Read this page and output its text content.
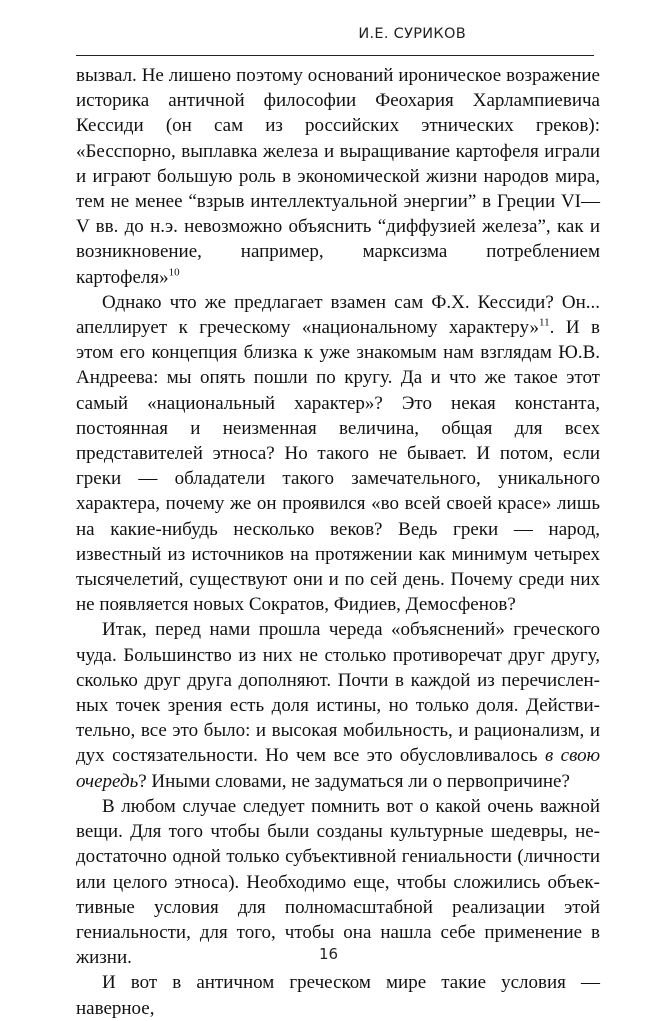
И.Е. СУРИКОВ

вызвал. Не лишено поэтому оснований ироническое возражение историка античной философии Феохария Харлампиевича Кессиди (он сам из российских этнических греков): «Бесспорно, выплавка железа и выращивание картофеля играли и играют большую роль в экономической жизни народов мира, тем не менее “взрыв интеллектуальной энергии” в Греции VI—V вв. до н.э. невозможно объяснить “диффузией железа”, как и возникновение, например, марксизма потреблением картофеля»$^{10}$

Однако что же предлагает взамен сам Ф.Х. Кессиди? Он... апеллирует к греческому «национальному характеру»$^{11}$. И в этом его концепция близка к уже знакомым нам взглядам Ю.В. Андреева: мы опять пошли по кругу. Да и что же такое этот самый «национальный характер»? Это некая константа, постоянная и неизменная величина, общая для всех представителей этноса? Но такого не бывает. И потом, если греки — обладатели такого замечательного, уникального характера, почему же он проявился «во всей своей красе» лишь на какие-нибудь несколько веков? Ведь греки — народ, известный из источников на протяжении как минимум четырех тысячелетий, существуют они и по сей день. Почему среди них не появляется новых Сократов, Фидиев, Демосфенов?

Итак, перед нами прошла череда «объяснений» греческого чуда. Большинство из них не столько противоречат друг другу, сколько друг друга дополняют. Почти в каждой из перечисленных точек зрения есть доля истины, но только доля. Действительно, все это было: и высокая мобильность, и рационализм, и дух состязательности. Но чем все это обусловливалось в свою очередь? Иными словами, не задуматься ли о первопричине?

В любом случае следует помнить вот о какой очень важной вещи. Для того чтобы были созданы культурные шедевры, недостаточно одной только субъективной гениальности (личности или целого этноса). Необходимо еще, чтобы сложились объективные условия для полномасштабной реализации этой гениальности, для того, чтобы она нашла себе применение в жизни.

И вот в античном греческом мире такие условия — наверное,

16
